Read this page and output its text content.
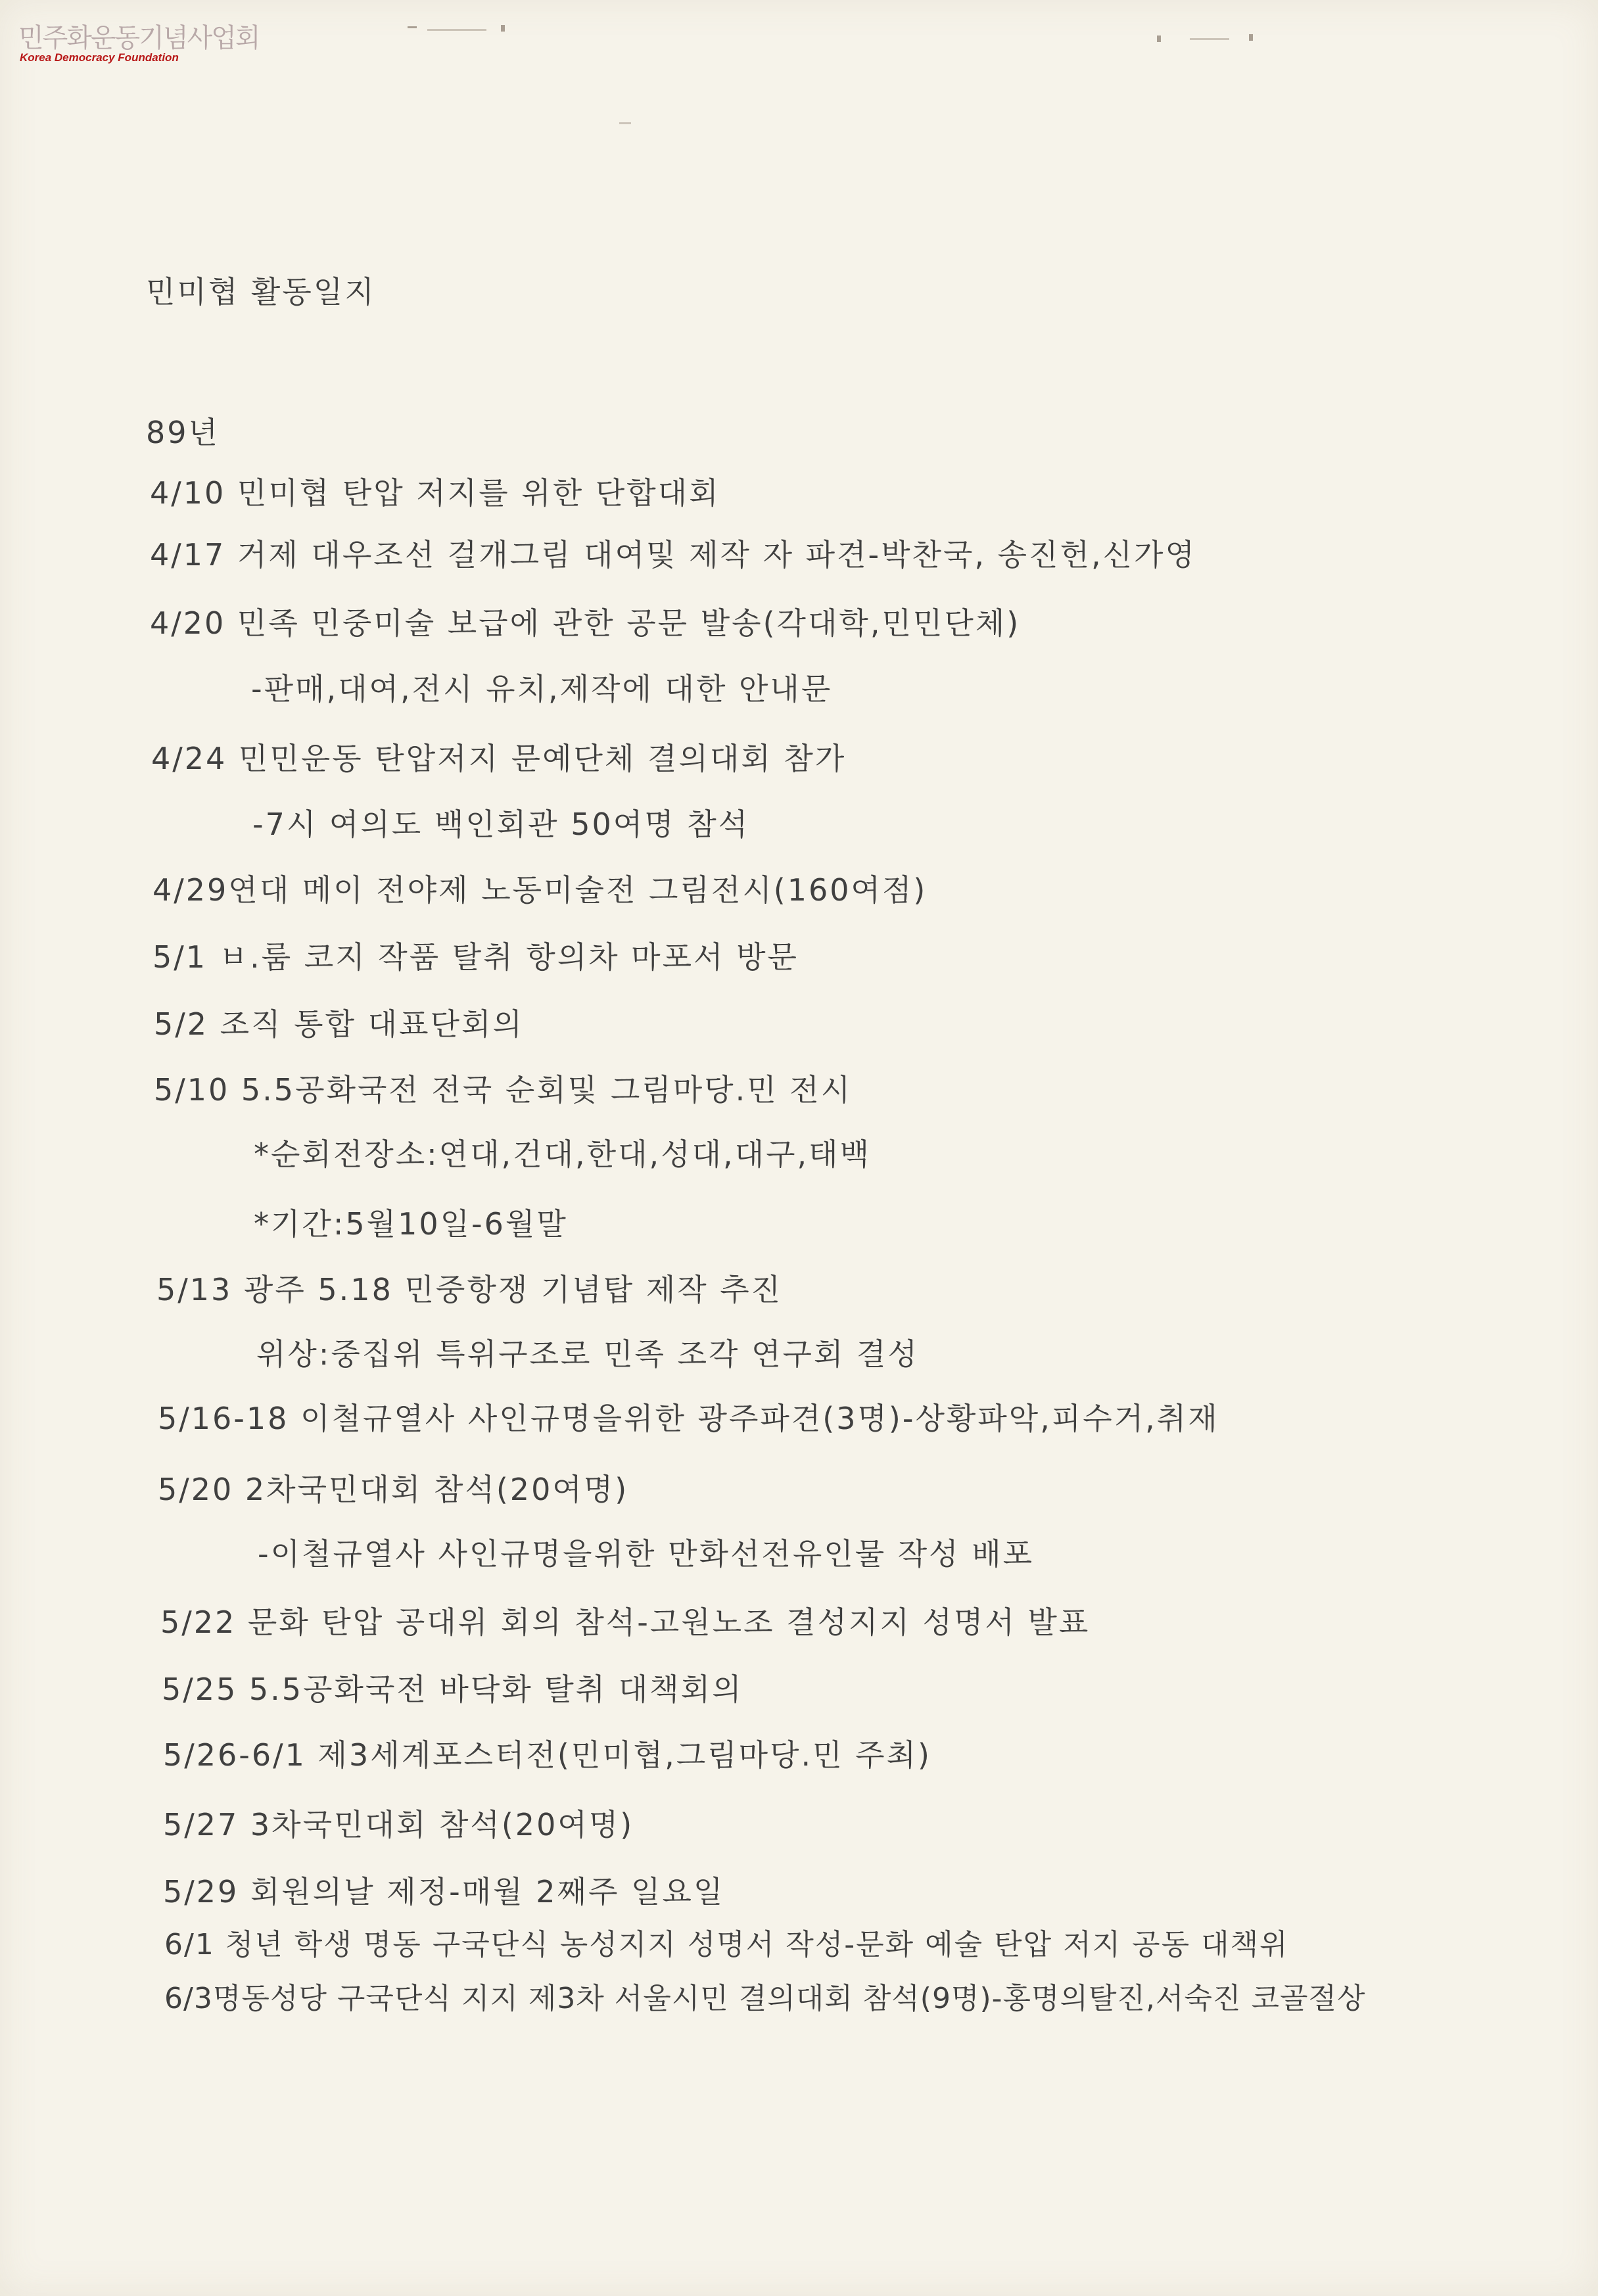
민주화운동기념사업회
Korea Democracy Foundation
민미협 활동일지
89년
4/10 민미협 탄압 저지를 위한 단합대회
4/17 거제 대우조선 걸개그림 대여및 제작 자 파견-박찬국, 송진헌,신가영
4/20 민족 민중미술 보급에 관한 공문 발송(각대학,민민단체)
-판매,대여,전시 유치,제작에 대한 안내문
4/24 민민운동 탄압저지 문예단체 결의대회 참가
-7시 여의도 백인회관 50여명 참석
4/29연대 메이 전야제 노동미술전 그림전시(160여점)
5/1 ㅂ.룸 코지 작품 탈취 항의차 마포서 방문
5/2 조직 통합 대표단회의
5/10 5.5공화국전 전국 순회및 그림마당.민 전시
*순회전장소:연대,건대,한대,성대,대구,태백
*기간:5월10일-6월말
5/13 광주 5.18 민중항쟁 기념탑 제작 추진
위상:중집위 특위구조로 민족 조각 연구회 결성
5/16-18 이철규열사 사인규명을위한 광주파견(3명)-상황파악,피수거,취재
5/20 2차국민대회 참석(20여명)
-이철규열사 사인규명을위한 만화선전유인물 작성 배포
5/22 문화 탄압 공대위 회의 참석-고원노조 결성지지 성명서 발표
5/25 5.5공화국전 바닥화 탈취 대책회의
5/26-6/1 제3세계포스터전(민미협,그림마당.민 주최)
5/27 3차국민대회 참석(20여명)
5/29 회원의날 제정-매월 2째주 일요일
6/1 청년 학생 명동 구국단식 농성지지 성명서 작성-문화 예술 탄압 저지 공동 대책위
6/3명동성당 구국단식 지지 제3차 서울시민 결의대회 참석(9명)-홍명의탈진,서숙진 코골절상
